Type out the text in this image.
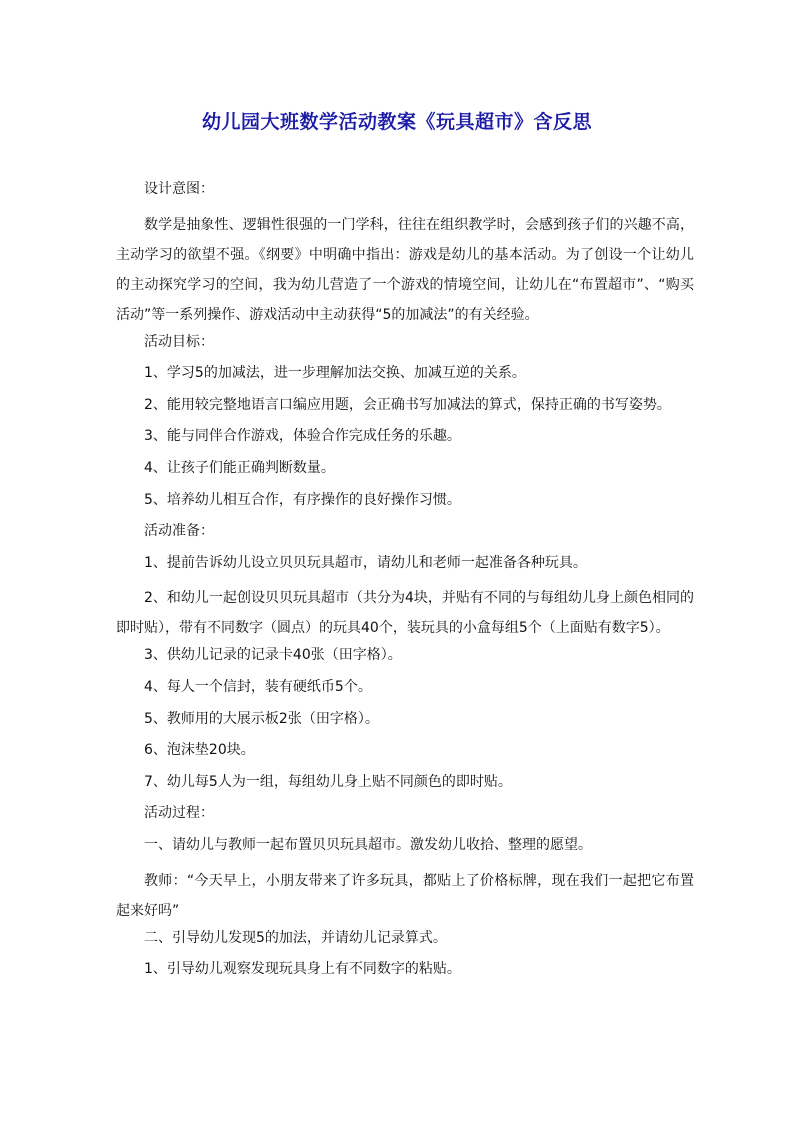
幼儿园大班数学活动教案《玩具超市》含反思

设计意图：

数学是抽象性、逻辑性很强的一门学科，往往在组织教学时，会感到孩子们的兴趣不高，主动学习的欲望不强。《纲要》中明确中指出：游戏是幼儿的基本活动。为了创设一个让幼儿的主动探究学习的空间，我为幼儿营造了一个游戏的情境空间，让幼儿在“布置超市”、“购买活动”等一系列操作、游戏活动中主动获得“5的加减法”的有关经验。

活动目标：

1、学习5的加减法，进一步理解加法交换、加减互逆的关系。

2、能用较完整地语言口编应用题，会正确书写加减法的算式，保持正确的书写姿势。

3、能与同伴合作游戏，体验合作完成任务的乐趣。

4、让孩子们能正确判断数量。

5、培养幼儿相互合作，有序操作的良好操作习惯。

活动准备：

1、提前告诉幼儿设立贝贝玩具超市，请幼儿和老师一起准备各种玩具。

2、和幼儿一起创设贝贝玩具超市（共分为4块，并贴有不同的与每组幼儿身上颜色相同的即时贴），带有不同数字（圆点）的玩具40个，装玩具的小盒每组5个（上面贴有数字5）。

3、供幼儿记录的记录卡40张（田字格）。

4、每人一个信封，装有硬纸币5个。

5、教师用的大展示板2张（田字格）。

6、泡沫垫20块。

7、幼儿每5人为一组，每组幼儿身上贴不同颜色的即时贴。

活动过程：

一、请幼儿与教师一起布置贝贝玩具超市。激发幼儿收拾、整理的愿望。

教师：“今天早上，小朋友带来了许多玩具，都贴上了价格标牌，现在我们一起把它布置起来好吗”

二、引导幼儿发现5的加法，并请幼儿记录算式。

1、引导幼儿观察发现玩具身上有不同数字的粘贴。
